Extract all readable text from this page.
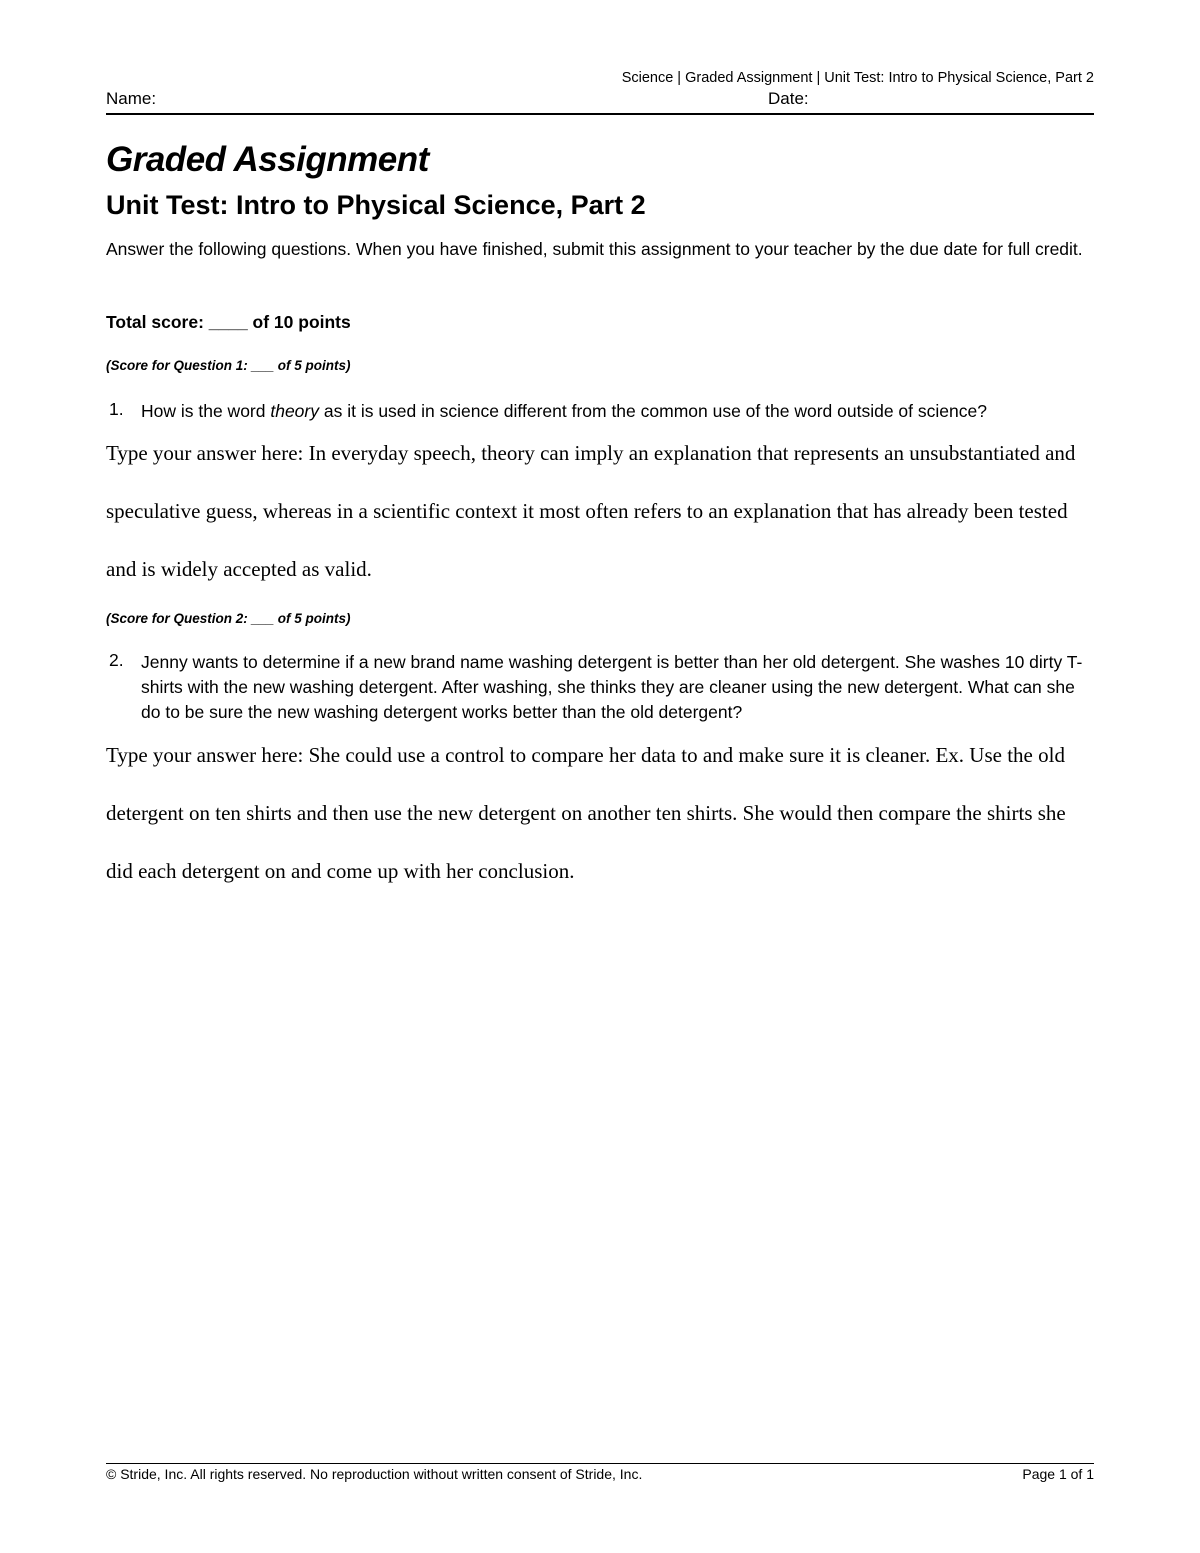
Science | Graded Assignment | Unit Test: Intro to Physical Science, Part 2
Name:	Date:
Graded Assignment
Unit Test: Intro to Physical Science, Part 2
Answer the following questions. When you have finished, submit this assignment to your teacher by the due date for full credit.
Total score: ____ of 10 points
(Score for Question 1: ___ of 5 points)
1. How is the word theory as it is used in science different from the common use of the word outside of science?
Type your answer here: In everyday speech, theory can imply an explanation that represents an unsubstantiated and speculative guess, whereas in a scientific context it most often refers to an explanation that has already been tested and is widely accepted as valid.
(Score for Question 2: ___ of 5 points)
2. Jenny wants to determine if a new brand name washing detergent is better than her old detergent. She washes 10 dirty T-shirts with the new washing detergent. After washing, she thinks they are cleaner using the new detergent. What can she do to be sure the new washing detergent works better than the old detergent?
Type your answer here: She could use a control to compare her data to and make sure it is cleaner. Ex. Use the old detergent on ten shirts and then use the new detergent on another ten shirts. She would then compare the shirts she did each detergent on and come up with her conclusion.
© Stride, Inc. All rights reserved. No reproduction without written consent of Stride, Inc.	Page 1 of 1
